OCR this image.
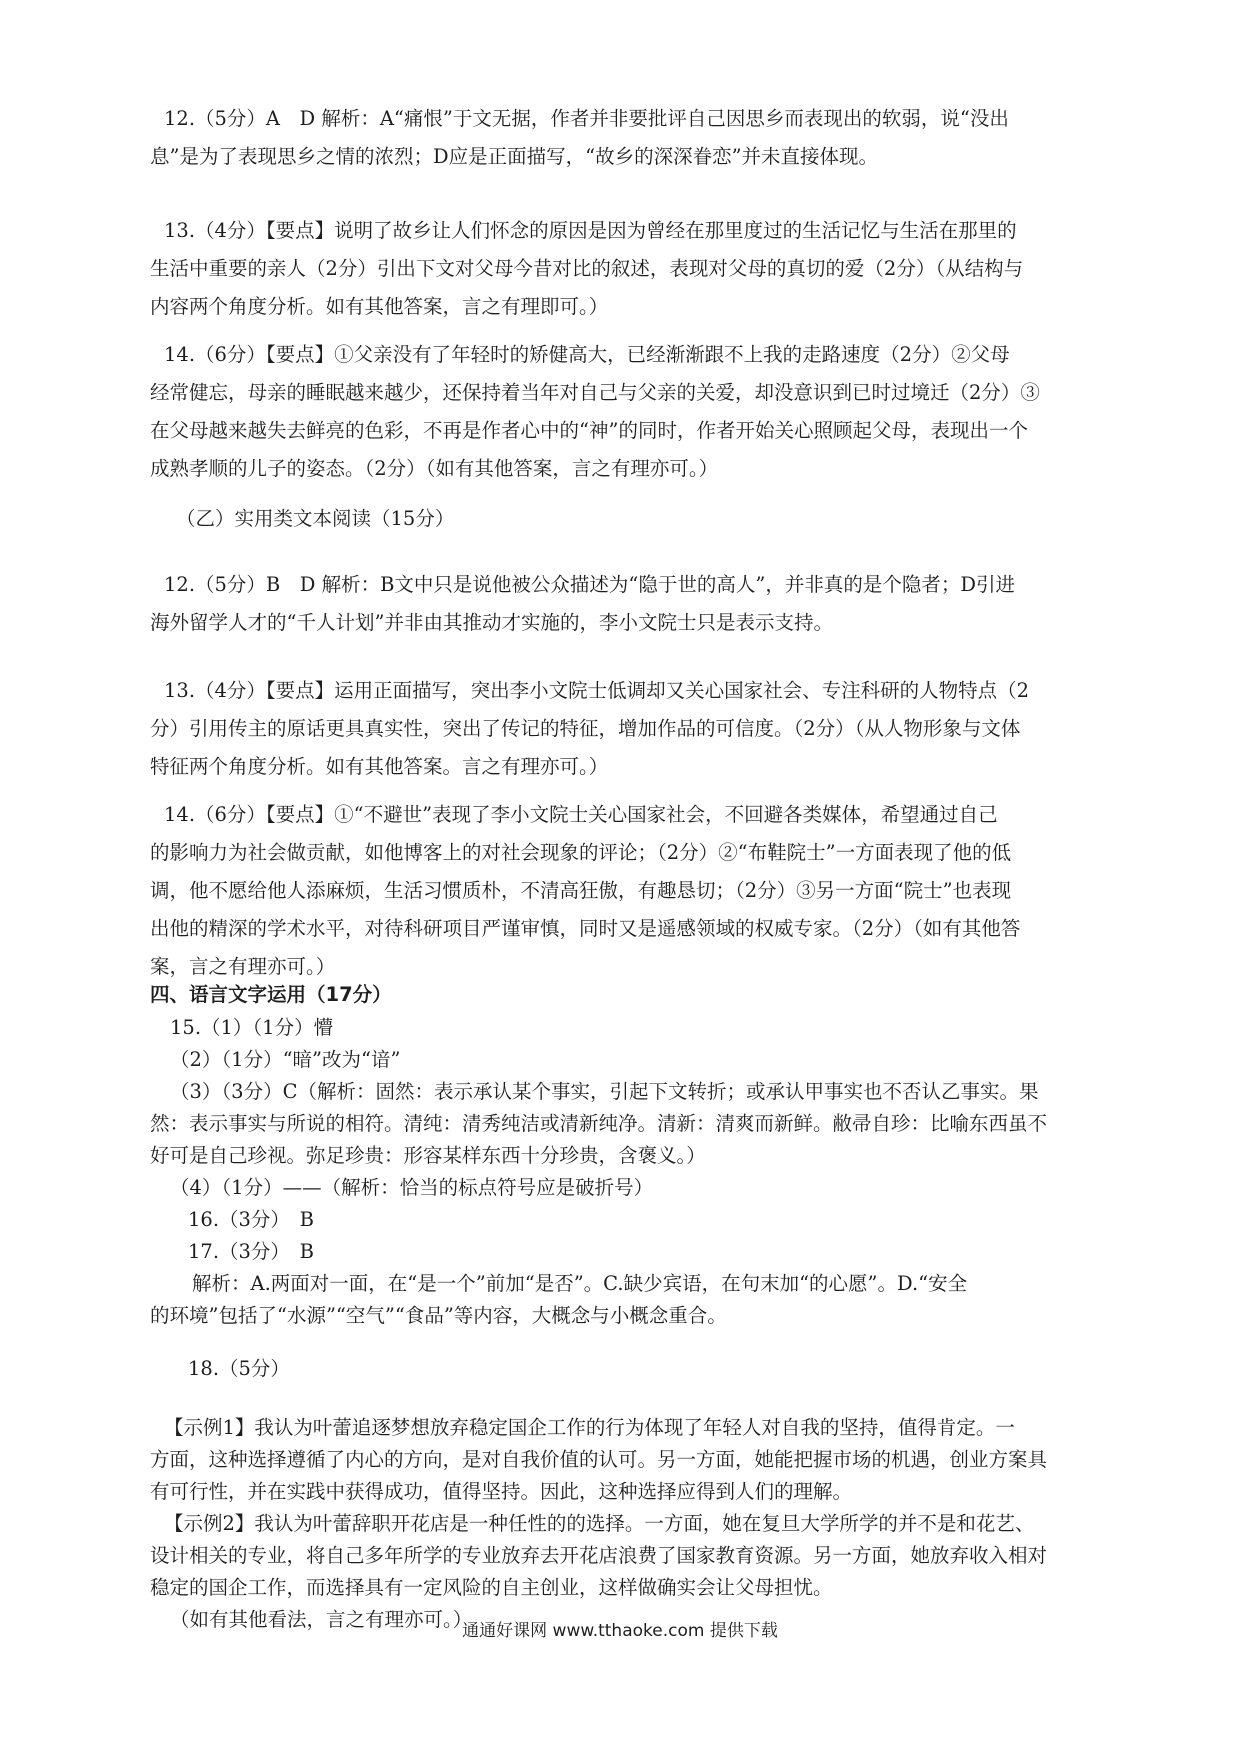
12.（5分）A　D 解析：A“痛恨”于文无据，作者并非要批评自己因思乡而表现出的软弱，说“没出
息”是为了表现思乡之情的浓烈；D应是正面描写，“故乡的深深眷恋”并未直接体现。
13.（4分）【要点】说明了故乡让人们怀念的原因是因为曾经在那里度过的生活记忆与生活在那里的
生活中重要的亲人（2分）引出下文对父母今昔对比的叙述，表现对父母的真切的爱（2分）（从结构与
内容两个角度分析。如有其他答案，言之有理即可。）
14.（6分）【要点】①父亲没有了年轻时的矫健高大，已经渐渐跟不上我的走路速度（2分）②父母
经常健忘，母亲的睡眠越来越少，还保持着当年对自己与父亲的关爱，却没意识到已时过境迁（2分）③
在父母越来越失去鲜亮的色彩，不再是作者心中的“神”的同时，作者开始关心照顾起父母，表现出一个
成熟孝顺的儿子的姿态。（2分）（如有其他答案，言之有理亦可。）
（乙）实用类文本阅读（15分）
12.（5分）B　D 解析：B文中只是说他被公众描述为“隐于世的高人”，并非真的是个隐者；D引进
海外留学人才的“千人计划”并非由其推动才实施的，李小文院士只是表示支持。
13.（4分）【要点】运用正面描写，突出李小文院士低调却又关心国家社会、专注科研的人物特点（2
分）引用传主的原话更具真实性，突出了传记的特征，增加作品的可信度。（2分）（从人物形象与文体
特征两个角度分析。如有其他答案。言之有理亦可。）
14.（6分）【要点】①“不避世”表现了李小文院士关心国家社会，不回避各类媒体，希望通过自己
的影响力为社会做贡献，如他博客上的对社会现象的评论；（2分）②“布鞋院士”一方面表现了他的低
调，他不愿给他人添麻烦，生活习惯质朴，不清高狂傲，有趣恳切；（2分）③另一方面“院士”也表现
出他的精深的学术水平，对待科研项目严谨审慎，同时又是遥感领域的权威专家。（2分）（如有其他答
案，言之有理亦可。）
四、语言文字运用（17分）
15.（1）（1分）懵
（2）（1分）“暗”改为“谙”
（3）（3分）C（解析：固然：表示承认某个事实，引起下文转折；或承认甲事实也不否认乙事实。果
然：表示事实与所说的相符。清纯：清秀纯洁或清新纯净。清新：清爽而新鲜。敝帚自珍：比喻东西虽不
好可是自己珍视。弥足珍贵：形容某样东西十分珍贵，含褒义。）
（4）（1分）——（解析：恰当的标点符号应是破折号）
16.（3分）　B
17.（3分）　B
解析：A.两面对一面，在“是一个”前加“是否”。C.缺少宾语，在句末加“的心愿”。D.“安全
的环境”包括了“水源”“空气”“食品”等内容，大概念与小概念重合。
18.（5分）
【示例1】我认为叶蕾追逐梦想放弃稳定国企工作的行为体现了年轻人对自我的坚持，值得肯定。一
方面，这种选择遵循了内心的方向，是对自我价值的认可。另一方面，她能把握市场的机遇，创业方案具
有可行性，并在实践中获得成功，值得坚持。因此，这种选择应得到人们的理解。
【示例2】我认为叶蕾辞职开花店是一种任性的的选择。一方面，她在复旦大学所学的并不是和花艺、
设计相关的专业，将自己多年所学的专业放弃去开花店浪费了国家教育资源。另一方面，她放弃收入相对
稳定的国企工作，而选择具有一定风险的自主创业，这样做确实会让父母担忧。
（如有其他看法，言之有理亦可。）
通通好课网 www.tthaoke.com 提供下载
